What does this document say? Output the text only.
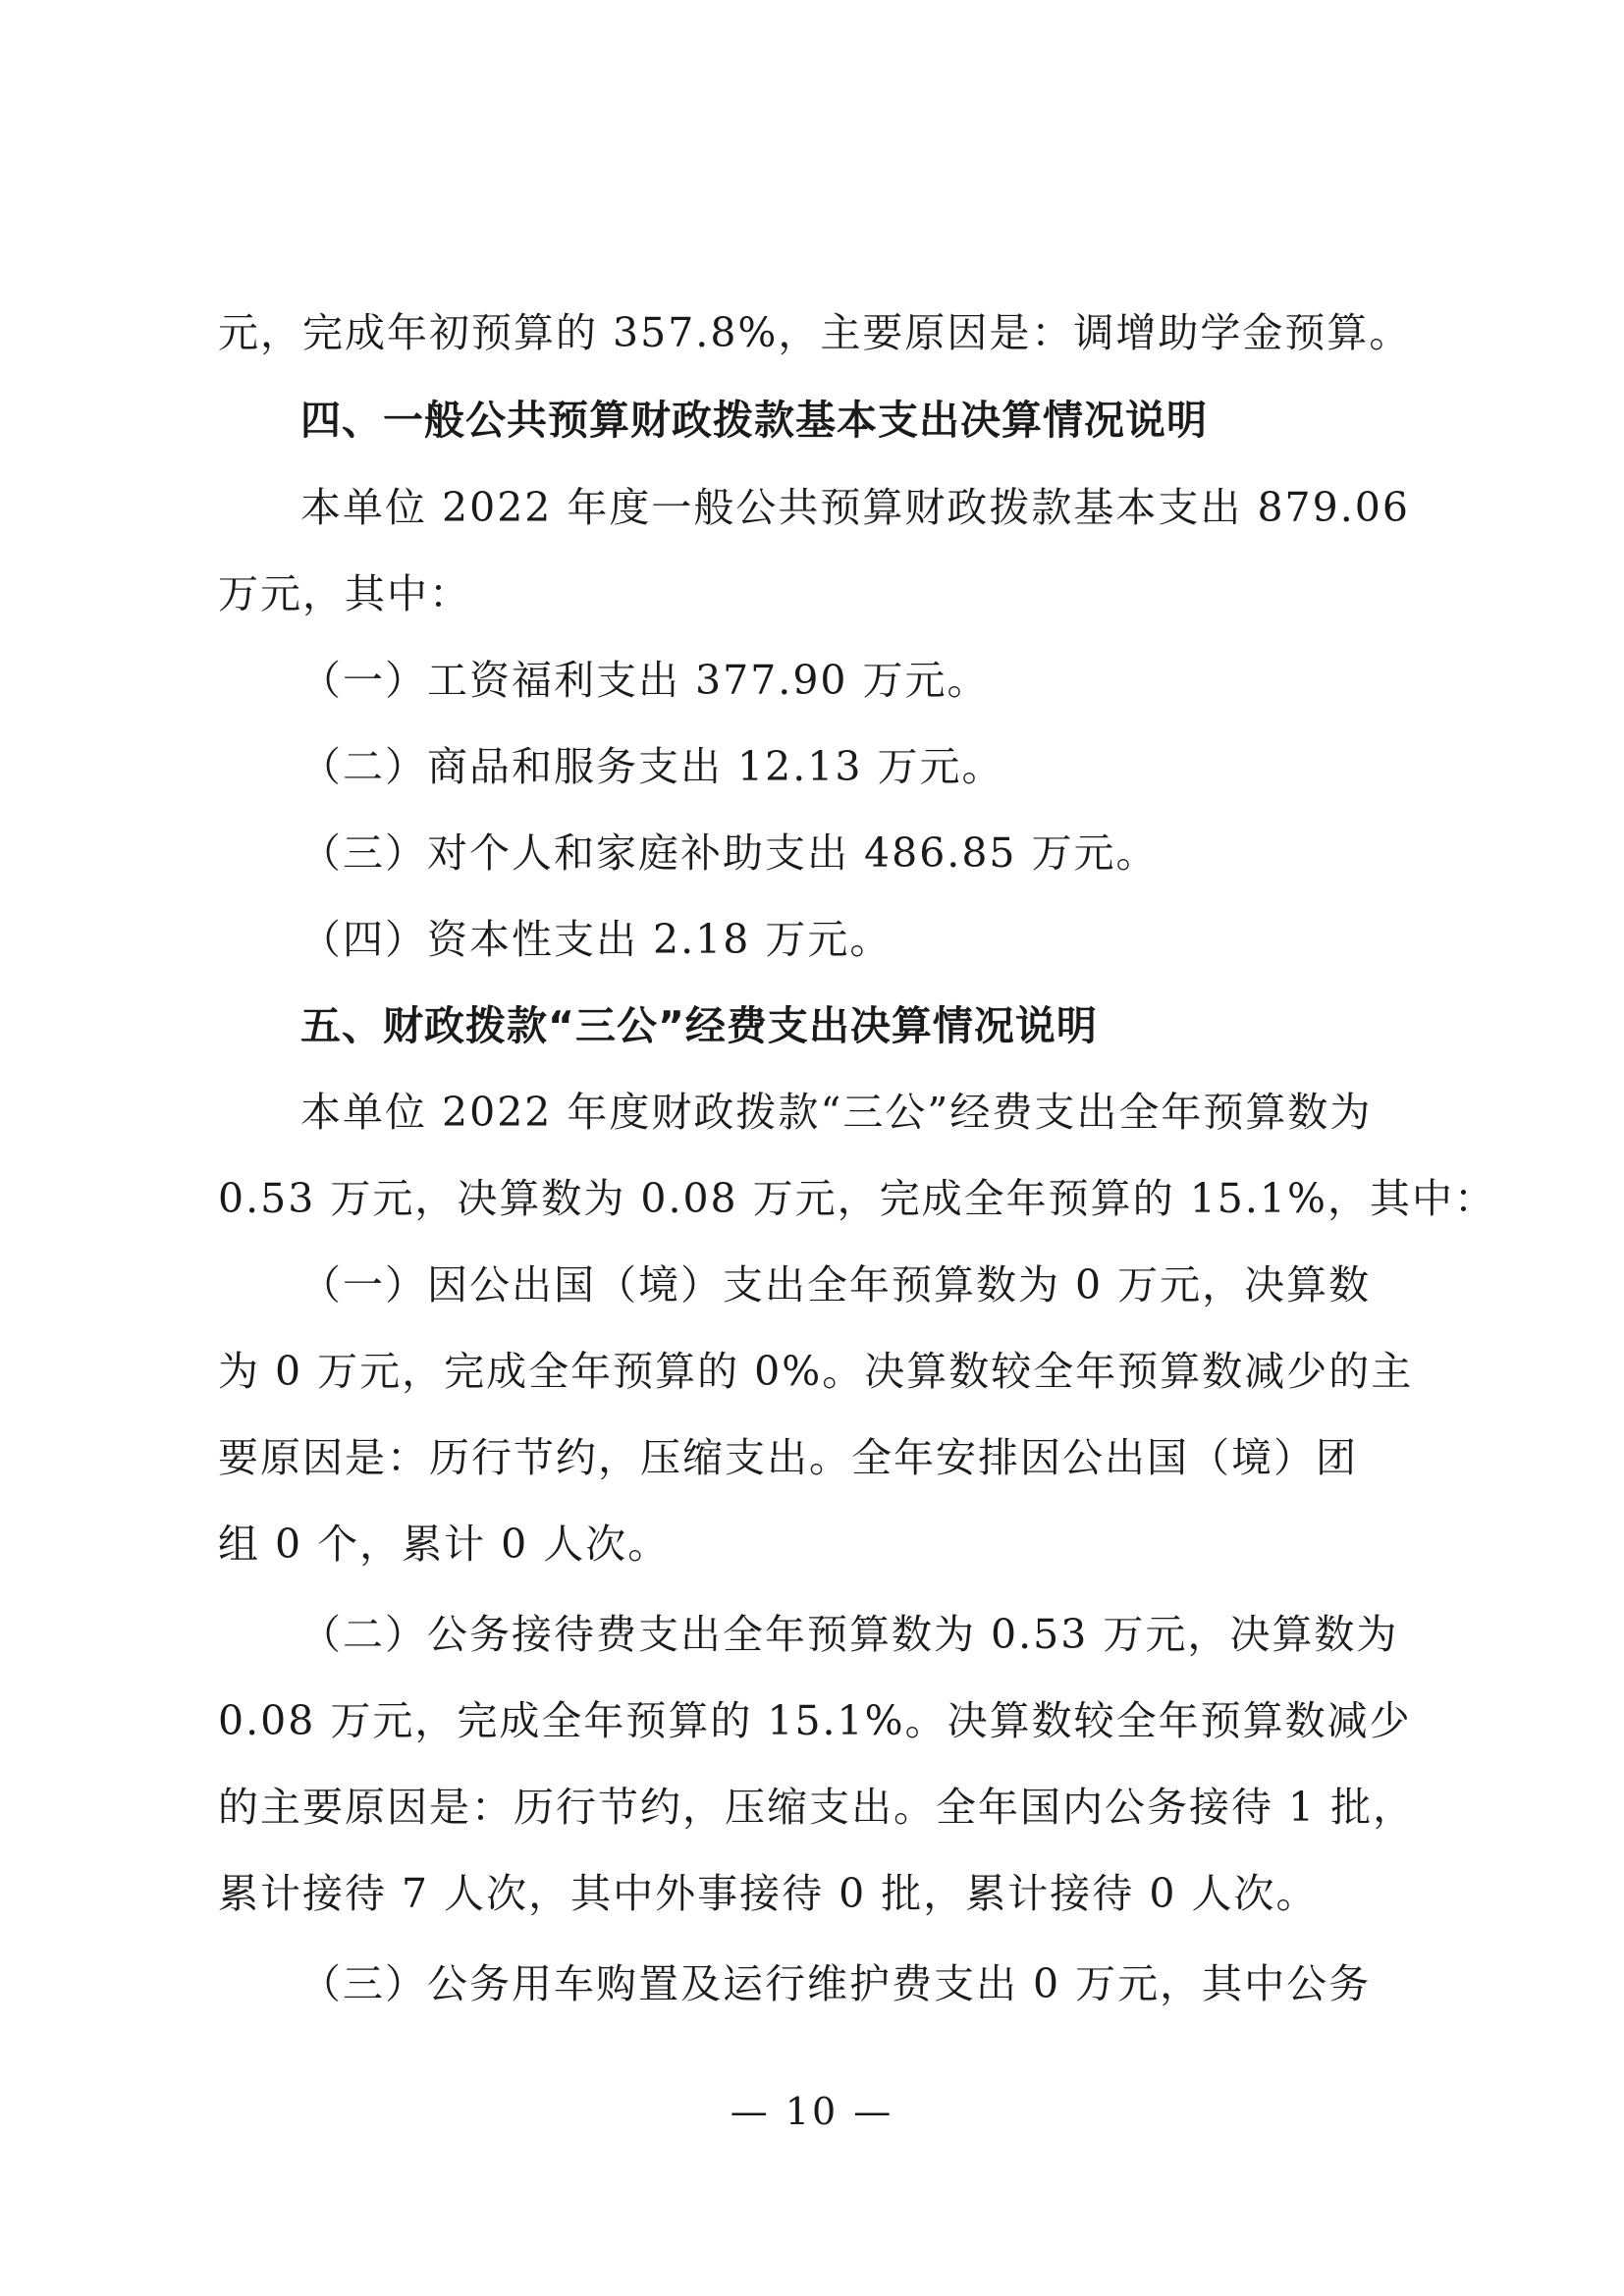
元，完成年初预算的 357.8%，主要原因是：调增助学金预算。
四、一般公共预算财政拨款基本支出决算情况说明
本单位 2022 年度一般公共预算财政拨款基本支出 879.06
万元，其中：
（一）工资福利支出 377.90 万元。
（二）商品和服务支出 12.13 万元。
（三）对个人和家庭补助支出 486.85 万元。
（四）资本性支出 2.18 万元。
五、财政拨款“三公”经费支出决算情况说明
本单位 2022 年度财政拨款“三公”经费支出全年预算数为
0.53 万元，决算数为 0.08 万元，完成全年预算的 15.1%，其中：
（一）因公出国（境）支出全年预算数为 0 万元，决算数
为 0 万元，完成全年预算的 0%。决算数较全年预算数减少的主
要原因是：历行节约，压缩支出。全年安排因公出国（境）团
组 0 个，累计 0 人次。
（二）公务接待费支出全年预算数为 0.53 万元，决算数为
0.08 万元，完成全年预算的 15.1%。决算数较全年预算数减少
的主要原因是：历行节约，压缩支出。全年国内公务接待 1 批，
累计接待 7 人次，其中外事接待 0 批，累计接待 0 人次。
（三）公务用车购置及运行维护费支出 0 万元，其中公务
— 10 —
